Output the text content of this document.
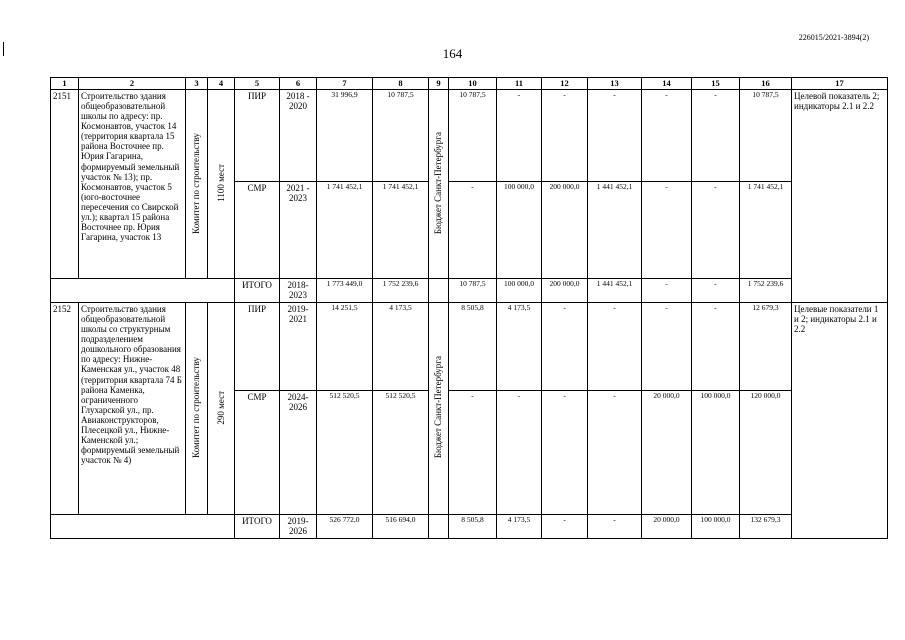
226015/2021-3894(2)
164
1	2	3	4	5	6	7	8	9	10	11	12	13	14	15	16	17
2151	Строительство здания общеобразовательной школы по адресу: пр. Космонавтов, участок 14 (территория квартала 15 района Восточнее пр. Юрия Гагарина, формируемый земельный участок № 13); пр. Космонавтов, участок 5 (юго-восточнее пересечения со Свирской ул.); квартал 15 района Восточнее пр. Юрия Гагарина, участок 13	Комитет по строительству	1100 мест	ПИР	2018 - 2020	31 996,9	10 787,5	Бюджет Санкт-Петербурга	10 787,5	-	-	-	-	-	10 787,5	Целевой показатель 2; индикаторы 2.1 и 2.2
				СМР	2021 - 2023	1 741 452,1	1 741 452,1		-	100 000,0	200 000,0	1 441 452,1	-	-	1 741 452,1	
				ИТОГО	2018- 2023	1 773 449,0	1 752 239,6		10 787,5	100 000,0	200 000,0	1 441 452,1	-	-	1 752 239,6	
2152	Строительство здания общеобразовательной школы со структурным подразделением дошкольного образования по адресу: Нижне-Каменская ул., участок 48 (территория квартала 74 Б района Каменка, ограниченного Глухарской ул., пр. Авиаконструкторов, Плесецкой ул., Нижне-Каменской ул.; формируемый земельный участок № 4)	Комитет по строительству	290 мест	ПИР	2019- 2021	14 251,5	4 173,5	Бюджет Санкт-Петербурга	8 505,8	4 173,5	-	-	-	-	12 679,3	Целевые показатели 1 и 2; индикаторы 2.1 и 2.2
				СМР	2024- 2026	512 520,5	512 520,5		-	-	-	-	20 000,0	100 000,0	120 000,0	
				ИТОГО	2019- 2026	526 772,0	516 694,0		8 505,8	4 173,5	-	-	20 000,0	100 000,0	132 679,3	
